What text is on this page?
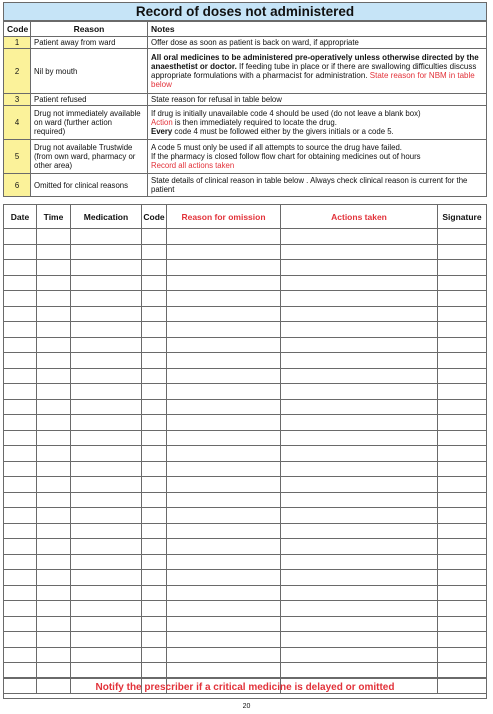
Record of doses not administered
Code	Reason	Notes
1	Patient away from ward	Offer dose as soon as patient is back on ward, if appropriate
2	Nil by mouth	All oral medicines to be administered pre-operatively unless otherwise directed by the anaesthetist or doctor. If feeding tube in place or if there are swallowing difficulties discuss appropriate formulations with a pharmacist for administration. State reason for NBM in table below
3	Patient refused	State reason for refusal in table below
4	Drug not immediately available on ward (further action required)	If drug is initially unavailable code 4 should be used (do not leave a blank box)
Action is then immediately required to locate the drug.
Every code 4 must be followed either by the givers initials or a code 5.
5	Drug not available Trustwide (from own ward, pharmacy or other area)	A code 5 must only be used if all attempts to source the drug have failed.
If the pharmacy is closed follow flow chart for obtaining medicines out of hours
Record all actions taken
6	Omitted for clinical reasons	State details of clinical reason in table below . Always check clinical reason is current for the patient
Date	Time	Medication	Code	Reason for omission	Actions taken	Signature

Notify the prescriber if a critical medicine is delayed or omitted
20
